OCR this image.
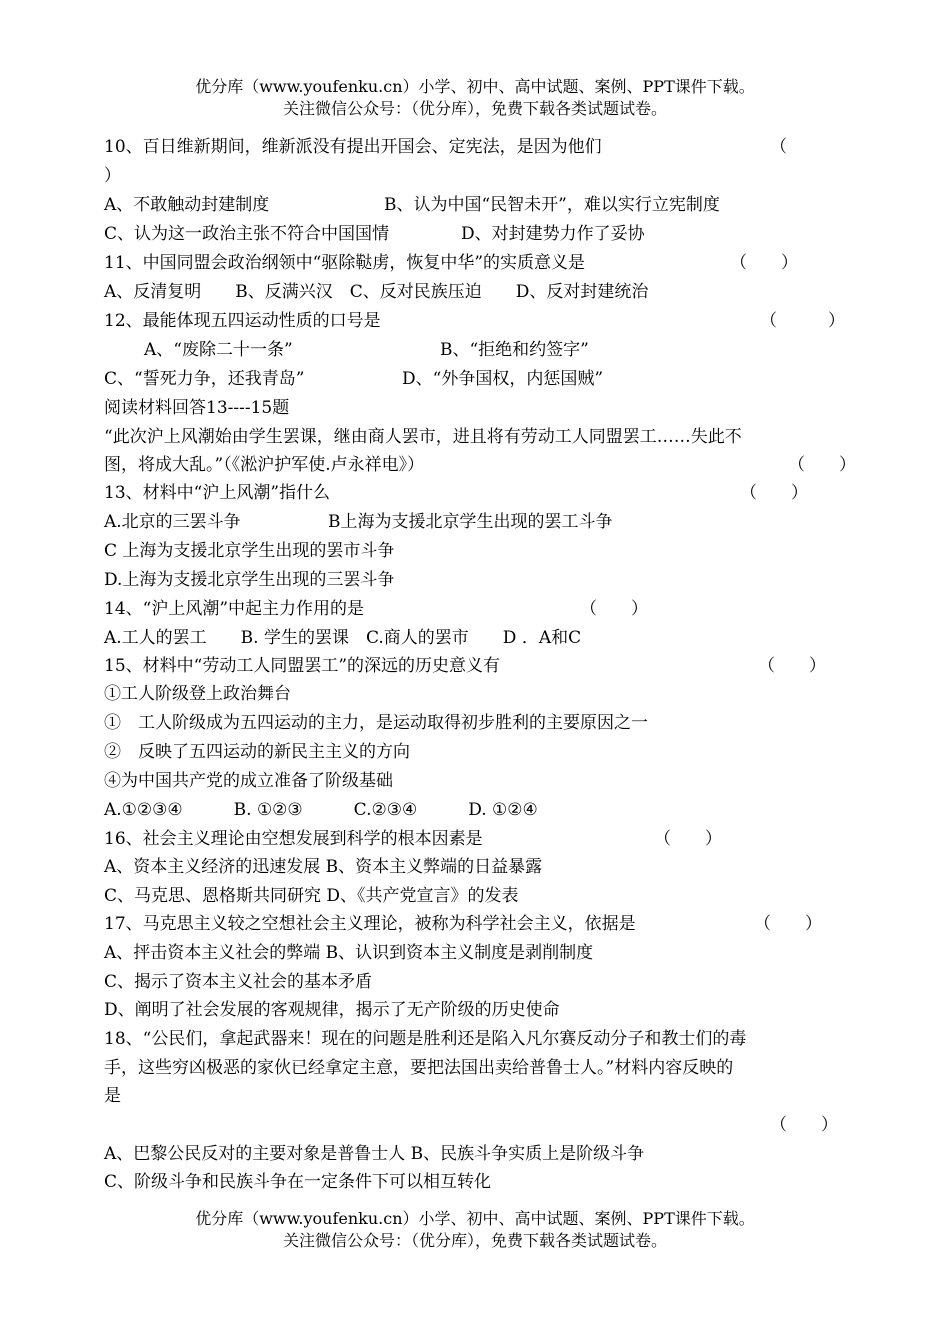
优分库（www.youfenku.cn）小学、初中、高中试题、案例、PPT课件下载。
关注微信公众号：（优分库），免费下载各类试题试卷。
10、百日维新期间，维新派没有提出开国会、定宪法，是因为他们	（
）
A、不敢触动封建制度	B、认为中国“民智未开”，难以实行立宪制度
C、认为这一政治主张不符合中国国情	D、对封建势力作了妥协
11、中国同盟会政治纲领中“驱除鞑虏，恢复中华”的实质意义是	（　　）
A、反清复明　　B、反满兴汉　C、反对民族压迫　　D、反对封建统治
12、最能体现五四运动性质的口号是	（　　　）
A、“废除二十一条”	B、“拒绝和约签字”
C、“誓死力争，还我青岛”	D、“外争国权，内惩国贼”
阅读材料回答13----15题
“此次沪上风潮始由学生罢课，继由商人罢市，进且将有劳动工人同盟罢工……失此不
图，将成大乱。”（《淞沪护军使.卢永祥电》）	（　　）
13、材料中“沪上风潮”指什么	（　　）
A.北京的三罢斗争	B上海为支援北京学生出现的罢工斗争
C 上海为支援北京学生出现的罢市斗争
D.上海为支援北京学生出现的三罢斗争
14、“沪上风潮”中起主力作用的是	（　　）
A.工人的罢工　　B. 学生的罢课　C.商人的罢市　　D ．A和C
15、材料中“劳动工人同盟罢工”的深远的历史意义有	（　　）
①工人阶级登上政治舞台
①　工人阶级成为五四运动的主力，是运动取得初步胜利的主要原因之一
②　反映了五四运动的新民主主义的方向
④为中国共产党的成立准备了阶级基础
A.①②③④　　　B. ①②③　　　C.②③④　　　D. ①②④
16、社会主义理论由空想发展到科学的根本因素是	（　　）
A、资本主义经济的迅速发展 B、资本主义弊端的日益暴露
C、马克思、恩格斯共同研究 D、《共产党宣言》的发表
17、马克思主义较之空想社会主义理论，被称为科学社会主义，依据是	（　　）
A、抨击资本主义社会的弊端 B、认识到资本主义制度是剥削制度
C、揭示了资本主义社会的基本矛盾
D、阐明了社会发展的客观规律，揭示了无产阶级的历史使命
18、“公民们，拿起武器来！现在的问题是胜利还是陷入凡尔赛反动分子和教士们的毒
手，这些穷凶极恶的家伙已经拿定主意，要把法国出卖给普鲁士人。”材料内容反映的
是
（　　）
A、巴黎公民反对的主要对象是普鲁士人 B、民族斗争实质上是阶级斗争
C、阶级斗争和民族斗争在一定条件下可以相互转化
优分库（www.youfenku.cn）小学、初中、高中试题、案例、PPT课件下载。
关注微信公众号：（优分库），免费下载各类试题试卷。
